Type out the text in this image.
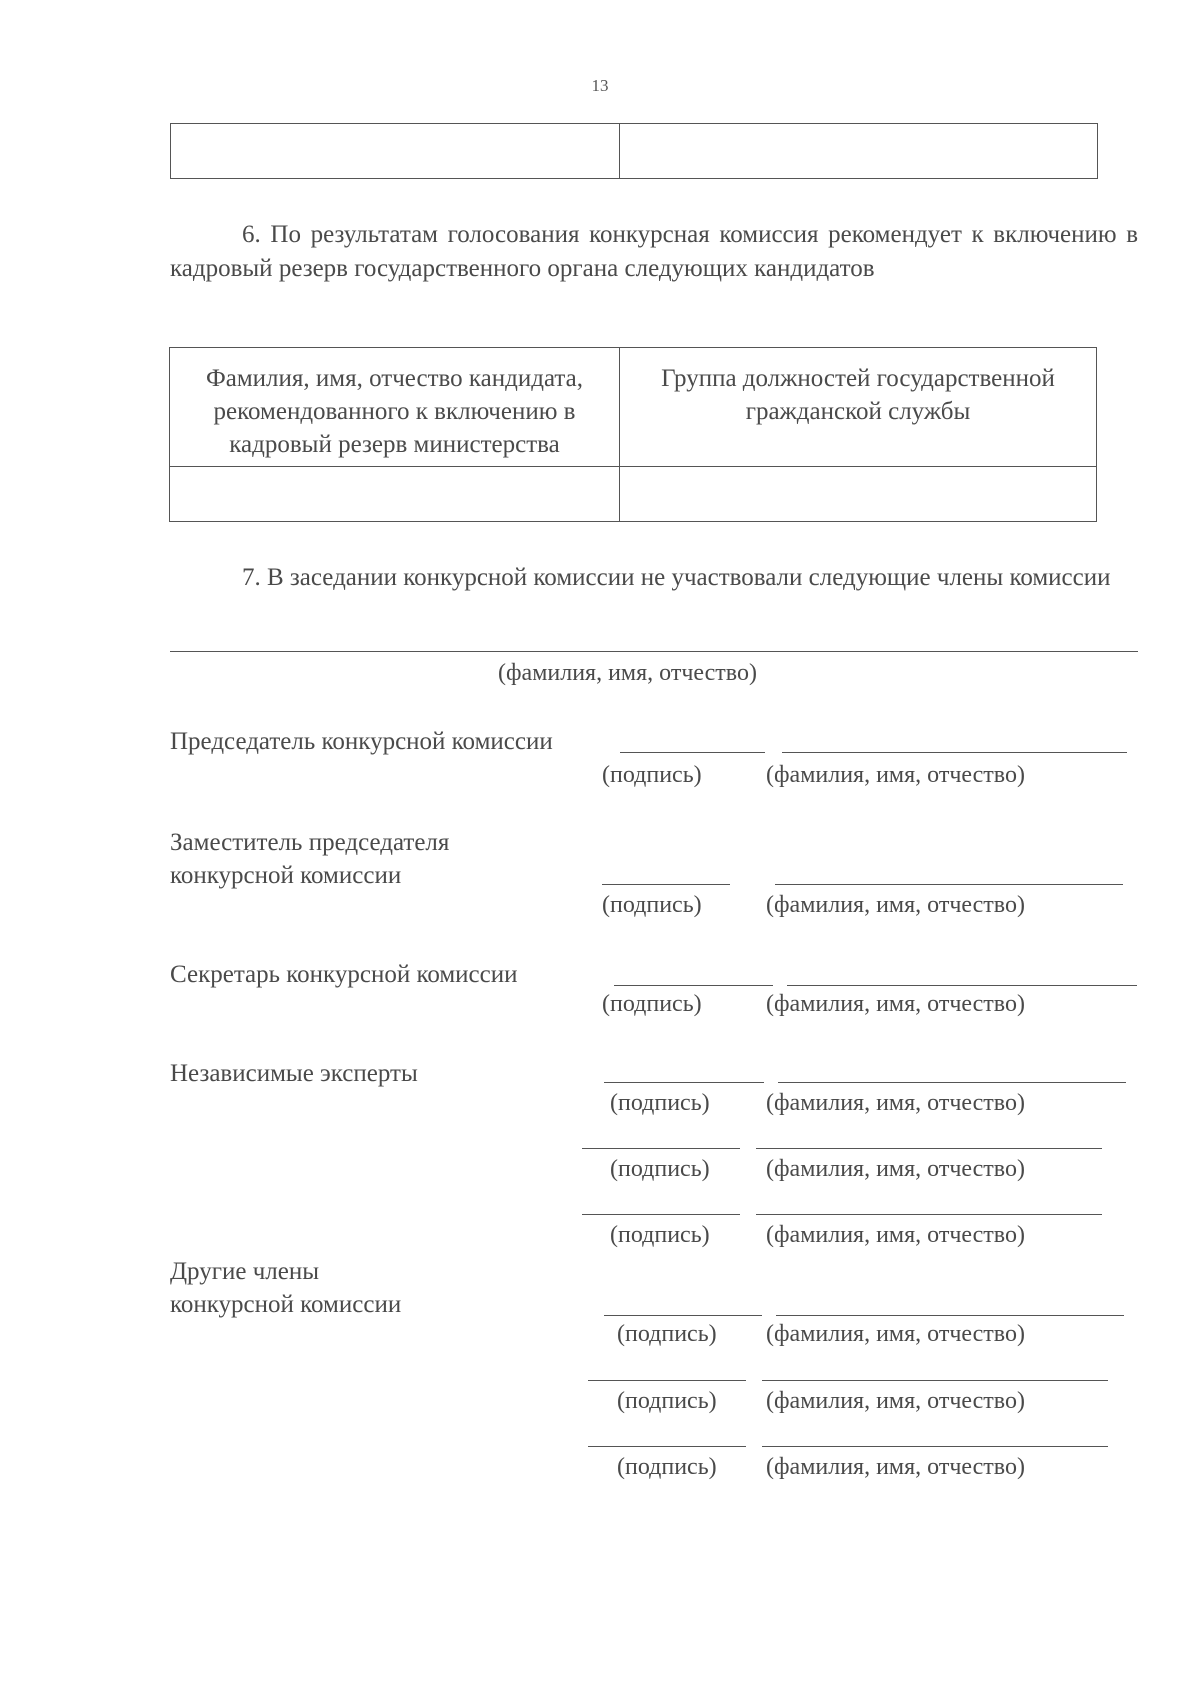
13

6. По результатам голосования конкурсная комиссия рекомендует к включению в кадровый резерв государственного органа следующих кандидатов
Фамилия, имя, отчество кандидата, рекомендованного к включению в кадровый резерв министерства	Группа должностей государственной гражданской службы

7. В заседании конкурсной комиссии не участвовали следующие члены комиссии
(фамилия, имя, отчество)
Председатель конкурсной комиссии
(подпись)	(фамилия, имя, отчество)
Заместитель председателя
конкурсной комиссии
(подпись)	(фамилия, имя, отчество)
Секретарь конкурсной комиссии
(подпись)	(фамилия, имя, отчество)
Независимые эксперты
(подпись) (фамилия, имя, отчество)
(подпись) (фамилия, имя, отчество)
(подпись) (фамилия, имя, отчество)
Другие члены
конкурсной комиссии
(подпись) (фамилия, имя, отчество)
(подпись) (фамилия, имя, отчество)
(подпись) (фамилия, имя, отчество)
